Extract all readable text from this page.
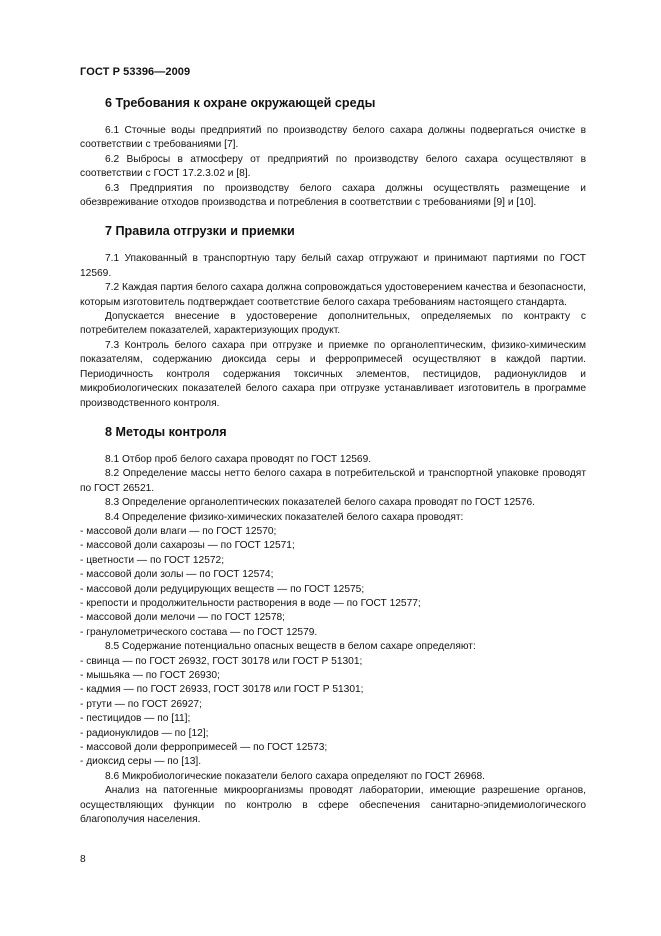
ГОСТ Р 53396—2009
6 Требования к охране окружающей среды

6.1 Сточные воды предприятий по производству белого сахара должны подвергаться очистке в соответствии с требованиями [7].

6.2 Выбросы в атмосферу от предприятий по производству белого сахара осуществляют в соответствии с ГОСТ 17.2.3.02 и [8].

6.3 Предприятия по производству белого сахара должны осуществлять размещение и обезвреживание отходов производства и потребления в соответствии с требованиями [9] и [10].

7 Правила отгрузки и приемки

7.1 Упакованный в транспортную тару белый сахар отгружают и принимают партиями по ГОСТ 12569.

7.2 Каждая партия белого сахара должна сопровождаться удостоверением качества и безопасности, которым изготовитель подтверждает соответствие белого сахара требованиям настоящего стандарта.

Допускается внесение в удостоверение дополнительных, определяемых по контракту с потребителем показателей, характеризующих продукт.

7.3 Контроль белого сахара при отгрузке и приемке по органолептическим, физико-химическим показателям, содержанию диоксида серы и ферропримесей осуществляют в каждой партии. Периодичность контроля содержания токсичных элементов, пестицидов, радионуклидов и микробиологических показателей белого сахара при отгрузке устанавливает изготовитель в программе производственного контроля.

8 Методы контроля

8.1 Отбор проб белого сахара проводят по ГОСТ 12569.

8.2 Определение массы нетто белого сахара в потребительской и транспортной упаковке проводят по ГОСТ 26521.

8.3 Определение органолептических показателей белого сахара проводят по ГОСТ 12576.

8.4 Определение физико-химических показателей белого сахара проводят:

- массовой доли влаги — по ГОСТ 12570;

- массовой доли сахарозы — по ГОСТ 12571;

- цветности — по ГОСТ 12572;

- массовой доли золы — по ГОСТ 12574;

- массовой доли редуцирующих веществ — по ГОСТ 12575;

- крепости и продолжительности растворения в воде — по ГОСТ 12577;

- массовой доли мелочи — по ГОСТ 12578;

- гранулометрического состава — по ГОСТ 12579.

8.5 Содержание потенциально опасных веществ в белом сахаре определяют:

- свинца — по ГОСТ 26932, ГОСТ 30178 или ГОСТ Р 51301;

- мышьяка — по ГОСТ 26930;

- кадмия — по ГОСТ 26933, ГОСТ 30178 или ГОСТ Р 51301;

- ртути — по ГОСТ 26927;

- пестицидов — по [11];

- радионуклидов — по [12];

- массовой доли ферропримесей — по ГОСТ 12573;

- диоксид серы — по [13].

8.6 Микробиологические показатели белого сахара определяют по ГОСТ 26968.

Анализ на патогенные микроорганизмы проводят лаборатории, имеющие разрешение органов, осуществляющих функции по контролю в сфере обеспечения санитарно-эпидемиологического благополучия населения.

8
